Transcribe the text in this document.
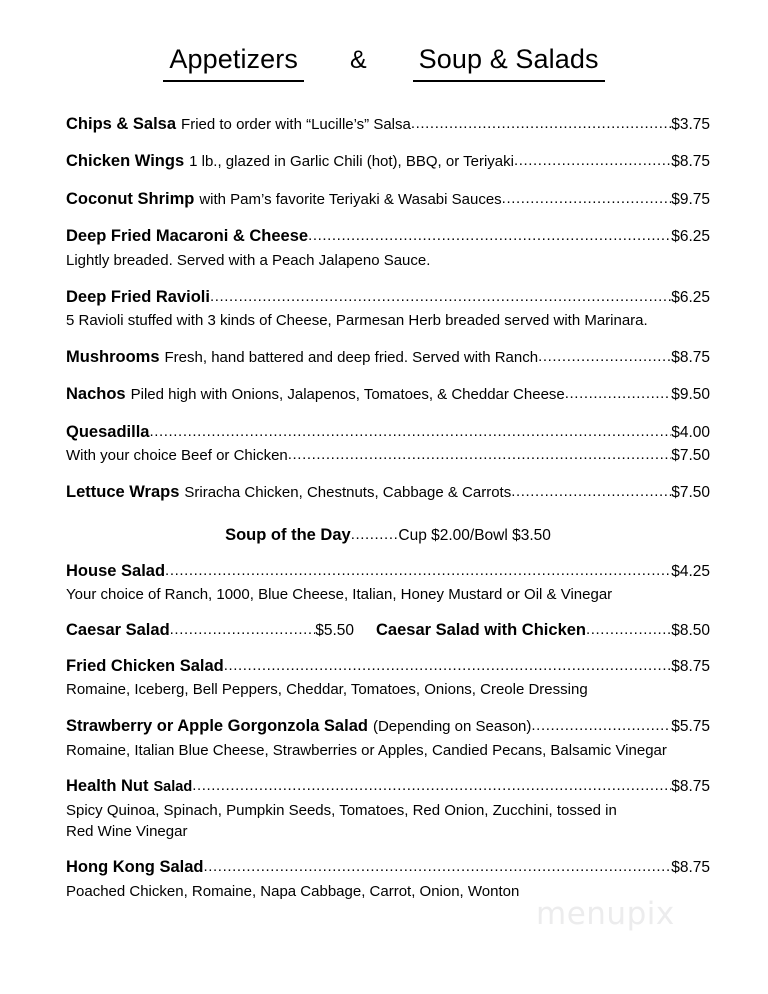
Appetizers & Soup & Salads
Chips & Salsa Fried to order with “Lucille’s” Salsa .....	$3.75
Chicken Wings 1 lb., glazed in Garlic Chili (hot), BBQ, or Teriyaki .....	$8.75
Coconut Shrimp with Pam’s favorite Teriyaki & Wasabi Sauces .....	$9.75
Deep Fried Macaroni & Cheese .....	$6.25
Lightly breaded. Served with a Peach Jalapeno Sauce.
Deep Fried Ravioli .....	$6.25
5 Ravioli stuffed with 3 kinds of Cheese, Parmesan Herb breaded served with Marinara.
Mushrooms Fresh, hand battered and deep fried. Served with Ranch .....	$8.75
Nachos Piled high with Onions, Jalapenos, Tomatoes, & Cheddar Cheese .....	$9.50
Quesadilla .....	$4.00
With your choice Beef or Chicken .....	$7.50
Lettuce Wraps Sriracha Chicken, Chestnuts, Cabbage & Carrots .....	$7.50
Soup of the Day .......... Cup $2.00/Bowl $3.50
House Salad .....	$4.25
Your choice of Ranch, 1000, Blue Cheese, Italian, Honey Mustard or Oil & Vinegar
Caesar Salad .....	$5.50	Caesar Salad with Chicken .....	$8.50
Fried Chicken Salad .....	$8.75
Romaine, Iceberg, Bell Peppers, Cheddar, Tomatoes, Onions, Creole Dressing
Strawberry or Apple Gorgonzola Salad (Depending on Season) .....	$5.75
Romaine, Italian Blue Cheese, Strawberries or Apples, Candied Pecans, Balsamic Vinegar
Health Nut Salad .....	$8.75
Spicy Quinoa, Spinach, Pumpkin Seeds, Tomatoes, Red Onion, Zucchini, tossed in
Red Wine Vinegar
Hong Kong Salad .....	$8.75
Poached Chicken, Romaine, Napa Cabbage, Carrot, Onion, Wonton
menupix
